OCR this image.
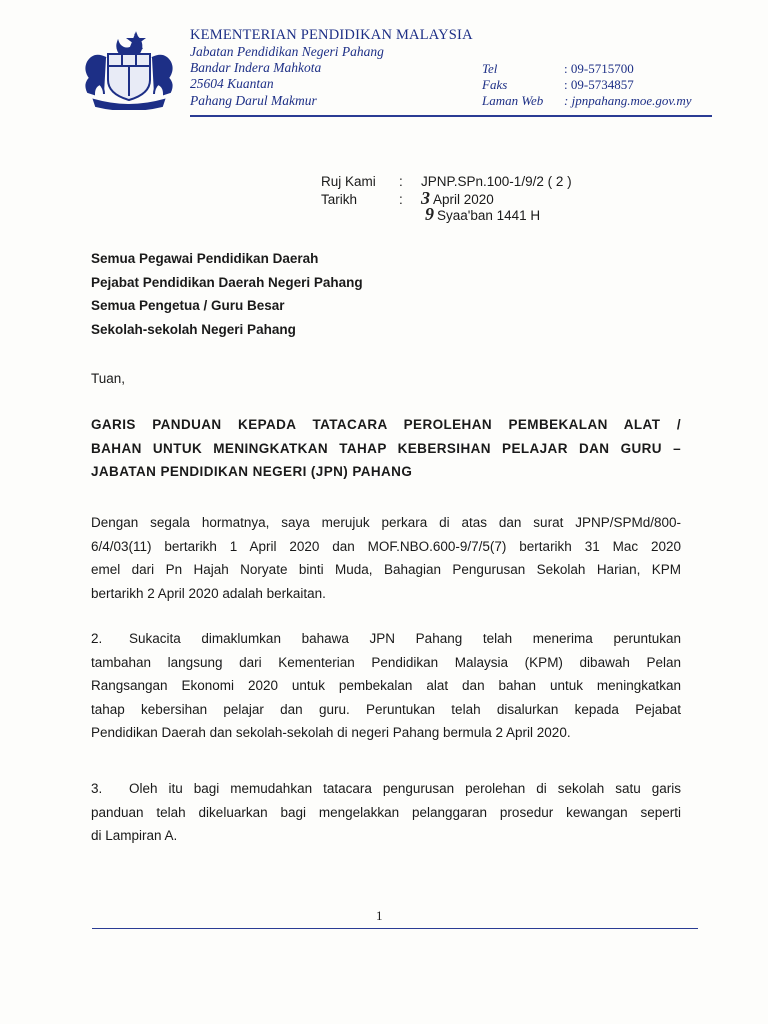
KEMENTERIAN PENDIDIKAN MALAYSIA
Jabatan Pendidikan Negeri Pahang
Bandar Indera Mahkota
25604 Kuantan
Pahang Darul Makmur
Tel	: 09-5715700
Faks	: 09-5734857
Laman Web : jpnpahang.moe.gov.my
Ruj Kami : JPNP.SPn.100-1/9/2 ( 2 )
Tarikh	: 3 April 2020
9 Syaa'ban 1441 H
Semua Pegawai Pendidikan Daerah
Pejabat Pendidikan Daerah Negeri Pahang
Semua Pengetua / Guru Besar
Sekolah-sekolah Negeri Pahang
Tuan,
GARIS PANDUAN KEPADA TATACARA PEROLEHAN PEMBEKALAN ALAT /
BAHAN UNTUK MENINGKATKAN TAHAP KEBERSIHAN PELAJAR DAN GURU –
JABATAN PENDIDIKAN NEGERI (JPN) PAHANG
Dengan segala hormatnya, saya merujuk perkara di atas dan surat JPNP/SPMd/800-
6/4/03(11) bertarikh 1 April 2020 dan MOF.NBO.600-9/7/5(7) bertarikh 31 Mac 2020
emel dari Pn Hajah Noryate binti Muda, Bahagian Pengurusan Sekolah Harian, KPM
bertarikh 2 April 2020 adalah berkaitan.
2.	Sukacita dimaklumkan bahawa JPN Pahang telah menerima peruntukan
tambahan langsung dari Kementerian Pendidikan Malaysia (KPM) dibawah Pelan
Rangsangan Ekonomi 2020 untuk pembekalan alat dan bahan untuk meningkatkan
tahap kebersihan pelajar dan guru. Peruntukan telah disalurkan kepada Pejabat
Pendidikan Daerah dan sekolah-sekolah di negeri Pahang bermula 2 April 2020.
3.	Oleh itu bagi memudahkan tatacara pengurusan perolehan di sekolah satu garis
panduan telah dikeluarkan bagi mengelakkan pelanggaran prosedur kewangan seperti
di Lampiran A.
1
